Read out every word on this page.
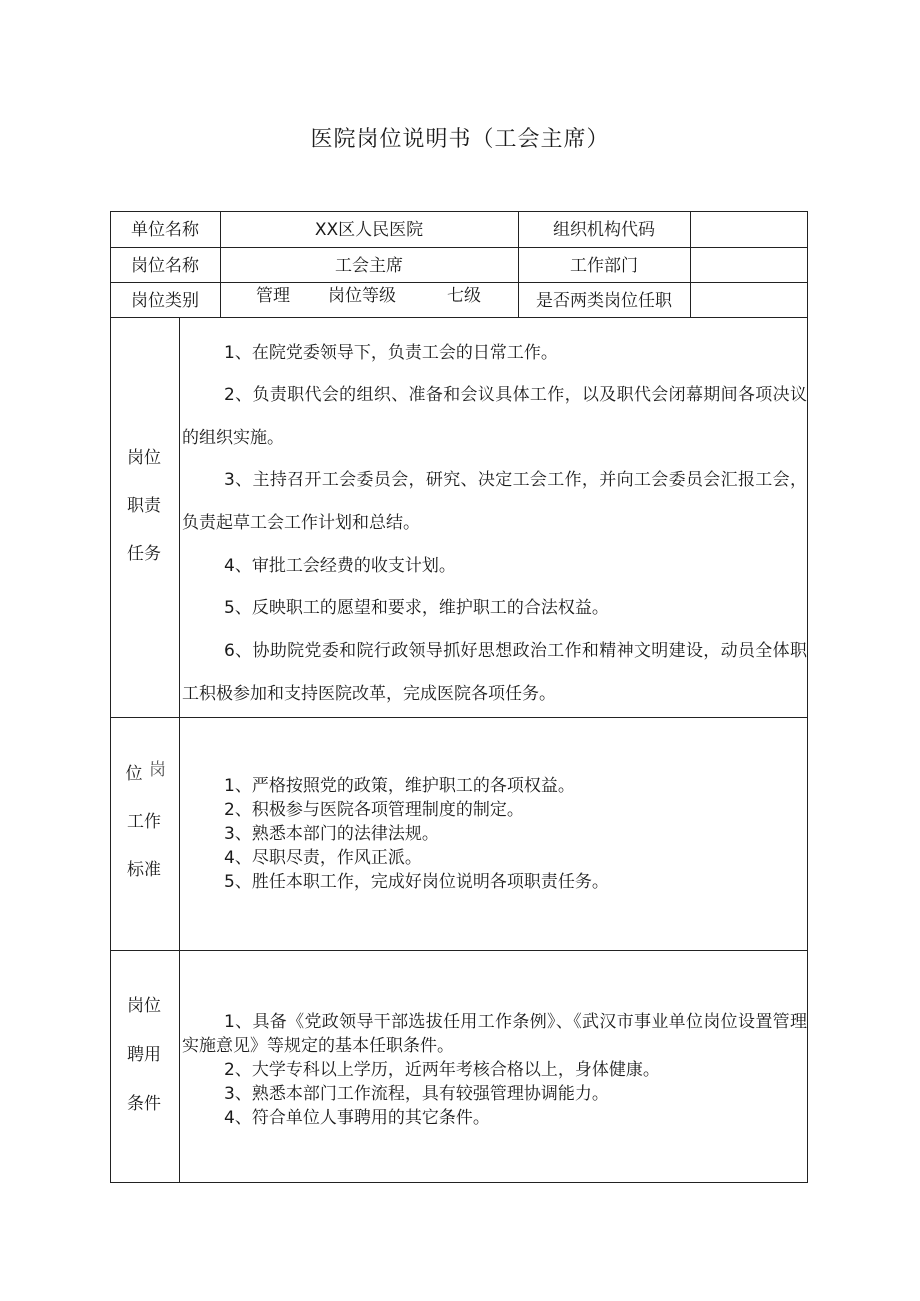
医院岗位说明书（工会主席）
单位名称	XX区人民医院	组织机构代码
岗位名称	工会主席	工作部门
岗位类别	管理 岗位等级	七级	是否两类岗位任职
岗位
职责
任务

1、在院党委领导下，负责工会的日常工作。

2、负责职代会的组织、准备和会议具体工作，以及职代会闭幕期间各项决议的组织实施。

3、主持召开工会委员会，研究、决定工会工作，并向工会委员会汇报工会，负责起草工会工作计划和总结。

4、审批工会经费的收支计划。

5、反映职工的愿望和要求，维护职工的合法权益。

6、协助院党委和院行政领导抓好思想政治工作和精神文明建设，动员全体职工积极参加和支持医院改革，完成医院各项任务。

岗
位
工作
标准

1、严格按照党的政策，维护职工的各项权益。

2、积极参与医院各项管理制度的制定。

3、熟悉本部门的法律法规。

4、尽职尽责，作风正派。

5、胜任本职工作，完成好岗位说明各项职责任务。

岗位
聘用
条件

1、具备《党政领导干部选拔任用工作条例》、《武汉市事业单位岗位设置管理实施意见》等规定的基本任职条件。

2、大学专科以上学历，近两年考核合格以上，身体健康。

3、熟悉本部门工作流程，具有较强管理协调能力。

4、符合单位人事聘用的其它条件。
